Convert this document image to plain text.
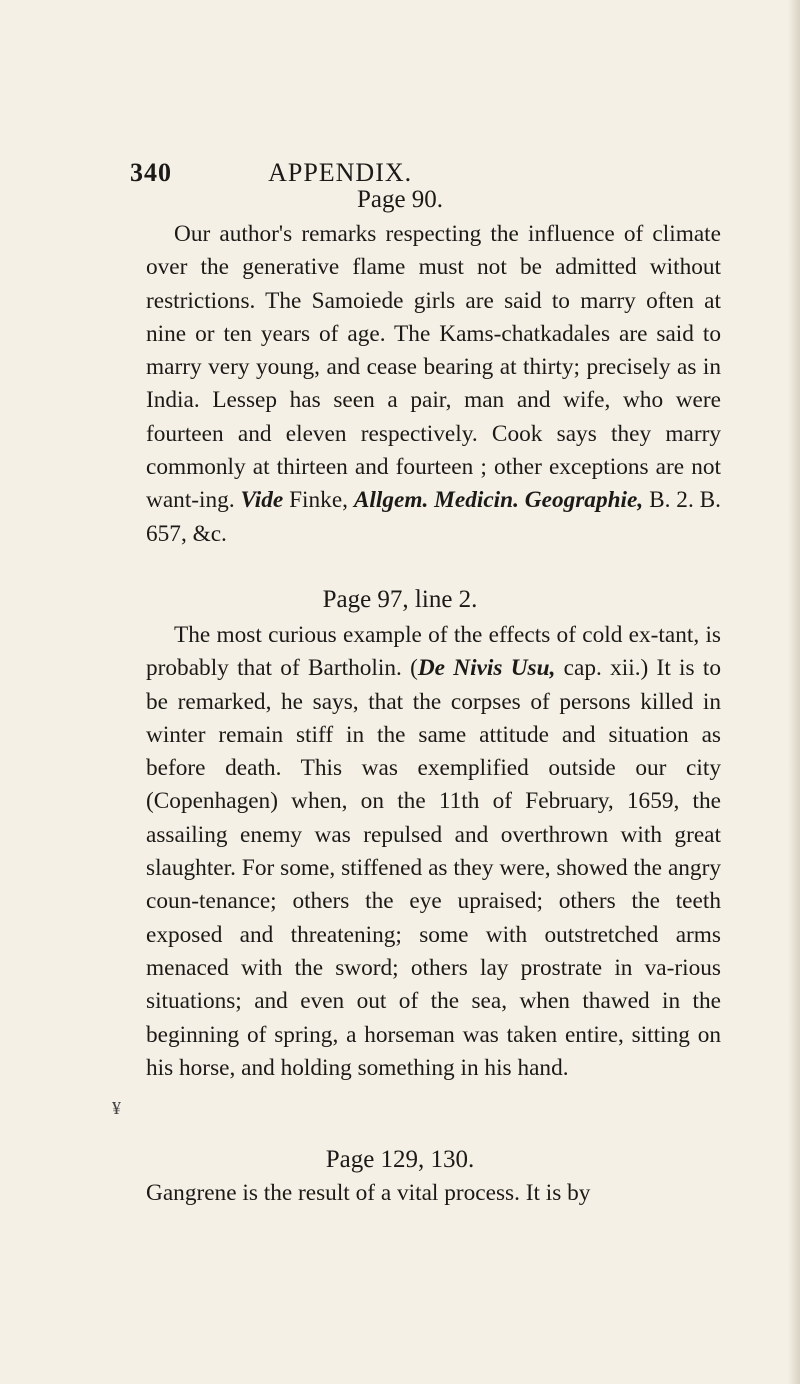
340	APPENDIX.
Page 90.
Our author's remarks respecting the influence of climate over the generative flame must not be admitted without restrictions. The Samoiede girls are said to marry often at nine or ten years of age. The Kams-chatkadales are said to marry very young, and cease bearing at thirty; precisely as in India. Lessep has seen a pair, man and wife, who were fourteen and eleven respectively. Cook says they marry commonly at thirteen and fourteen ; other exceptions are not want-ing. Vide Finke, Allgem. Medicin. Geographie, B. 2. B. 657, &c.
Page 97, line 2.
The most curious example of the effects of cold ex-tant, is probably that of Bartholin. (De Nivis Usu, cap. xii.) It is to be remarked, he says, that the corpses of persons killed in winter remain stiff in the same attitude and situation as before death. This was exemplified outside our city (Copenhagen) when, on the 11th of February, 1659, the assailing enemy was repulsed and overthrown with great slaughter. For some, stiffened as they were, showed the angry coun-tenance; others the eye upraised; others the teeth exposed and threatening; some with outstretched arms menaced with the sword; others lay prostrate in va-rious situations; and even out of the sea, when thawed in the beginning of spring, a horseman was taken entire, sitting on his horse, and holding something in his hand.
Page 129, 130.
Gangrene is the result of a vital process. It is by
¥
